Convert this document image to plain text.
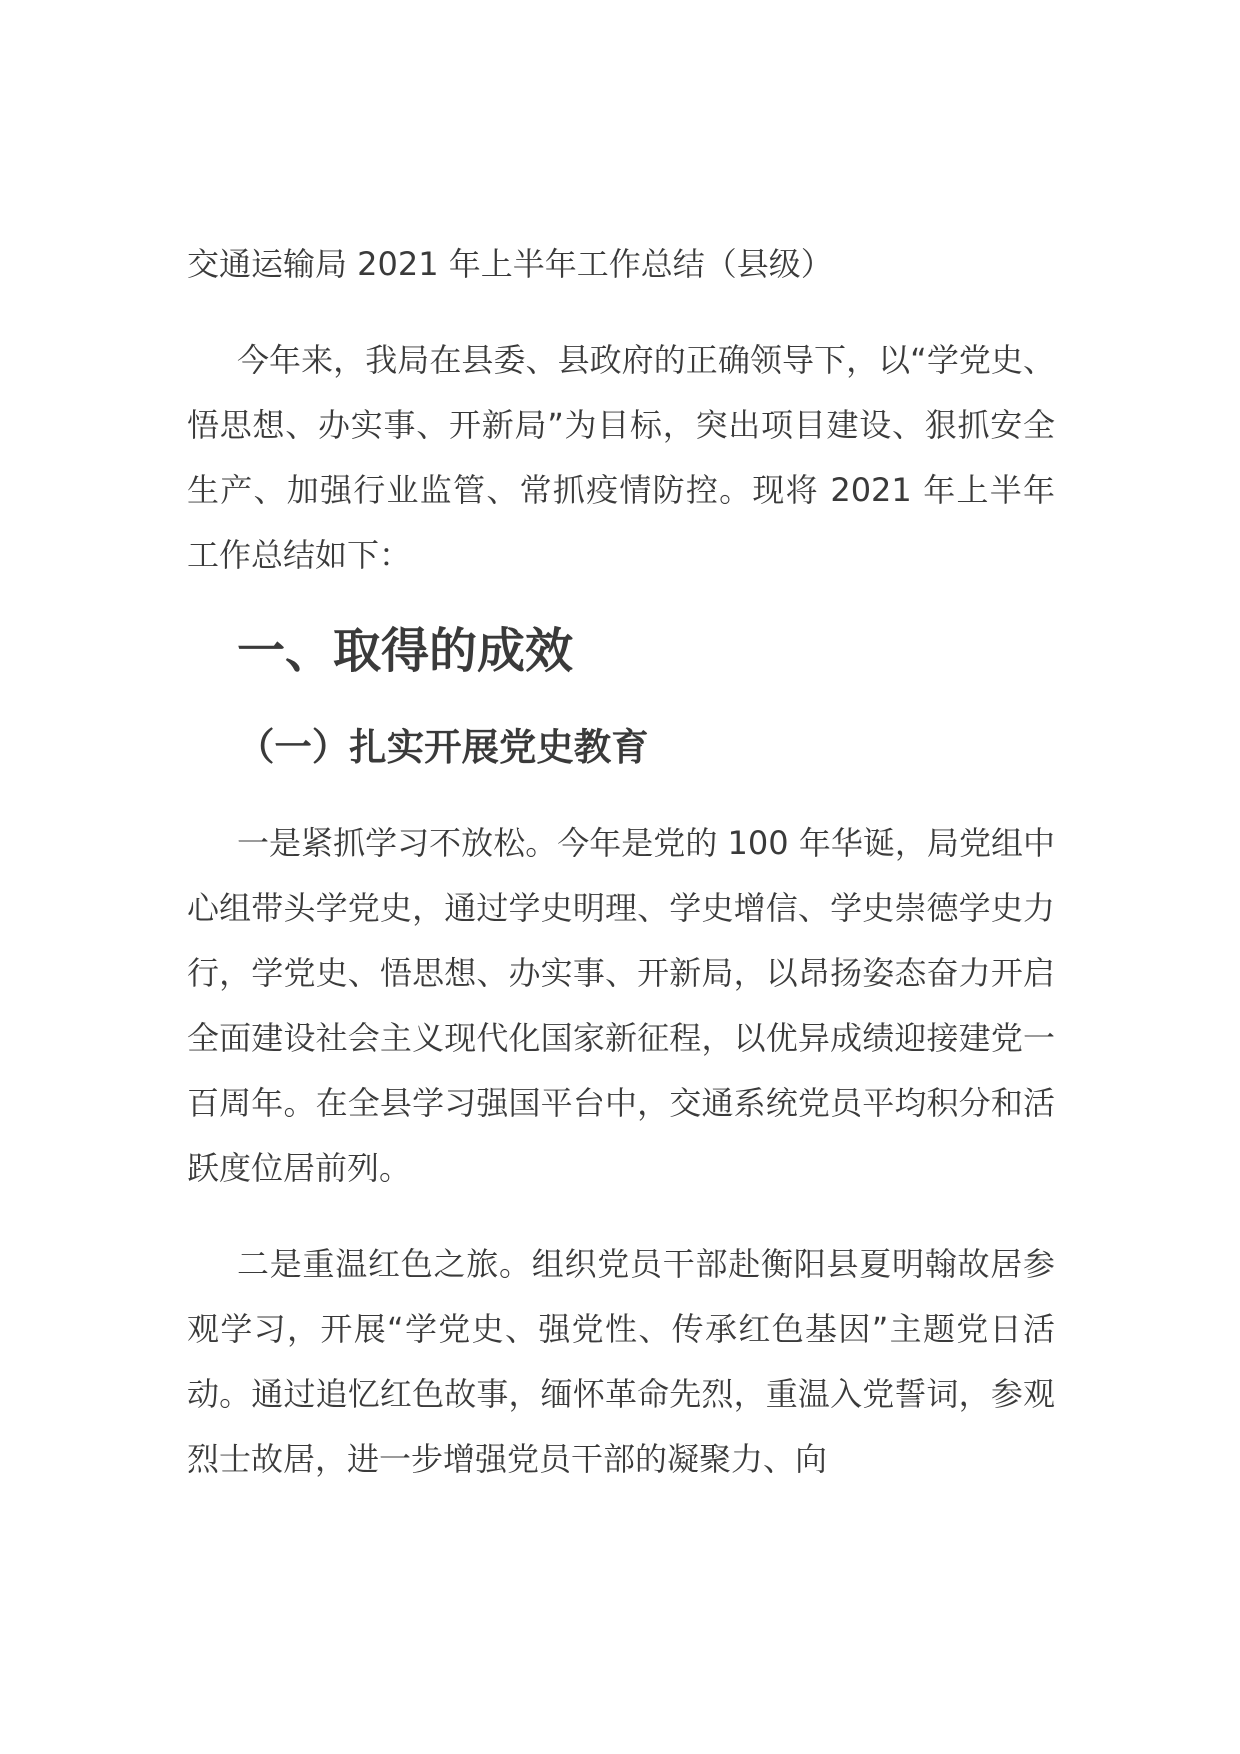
交通运输局 2021 年上半年工作总结（县级）

今年来，我局在县委、县政府的正确领导下，以“学党史、悟思想、办实事、开新局”为目标，突出项目建设、狠抓安全生产、加强行业监管、常抓疫情防控。现将 2021 年上半年工作总结如下：

一、取得的成效
（一）扎实开展党史教育

一是紧抓学习不放松。今年是党的 100 年华诞，局党组中心组带头学党史，通过学史明理、学史增信、学史崇德学史力行，学党史、悟思想、办实事、开新局，以昂扬姿态奋力开启全面建设社会主义现代化国家新征程，以优异成绩迎接建党一百周年。在全县学习强国平台中，交通系统党员平均积分和活跃度位居前列。

二是重温红色之旅。组织党员干部赴衡阳县夏明翰故居参观学习，开展“学党史、强党性、传承红色基因”主题党日活动。通过追忆红色故事，缅怀革命先烈，重温入党誓词，参观烈士故居，进一步增强党员干部的凝聚力、向
